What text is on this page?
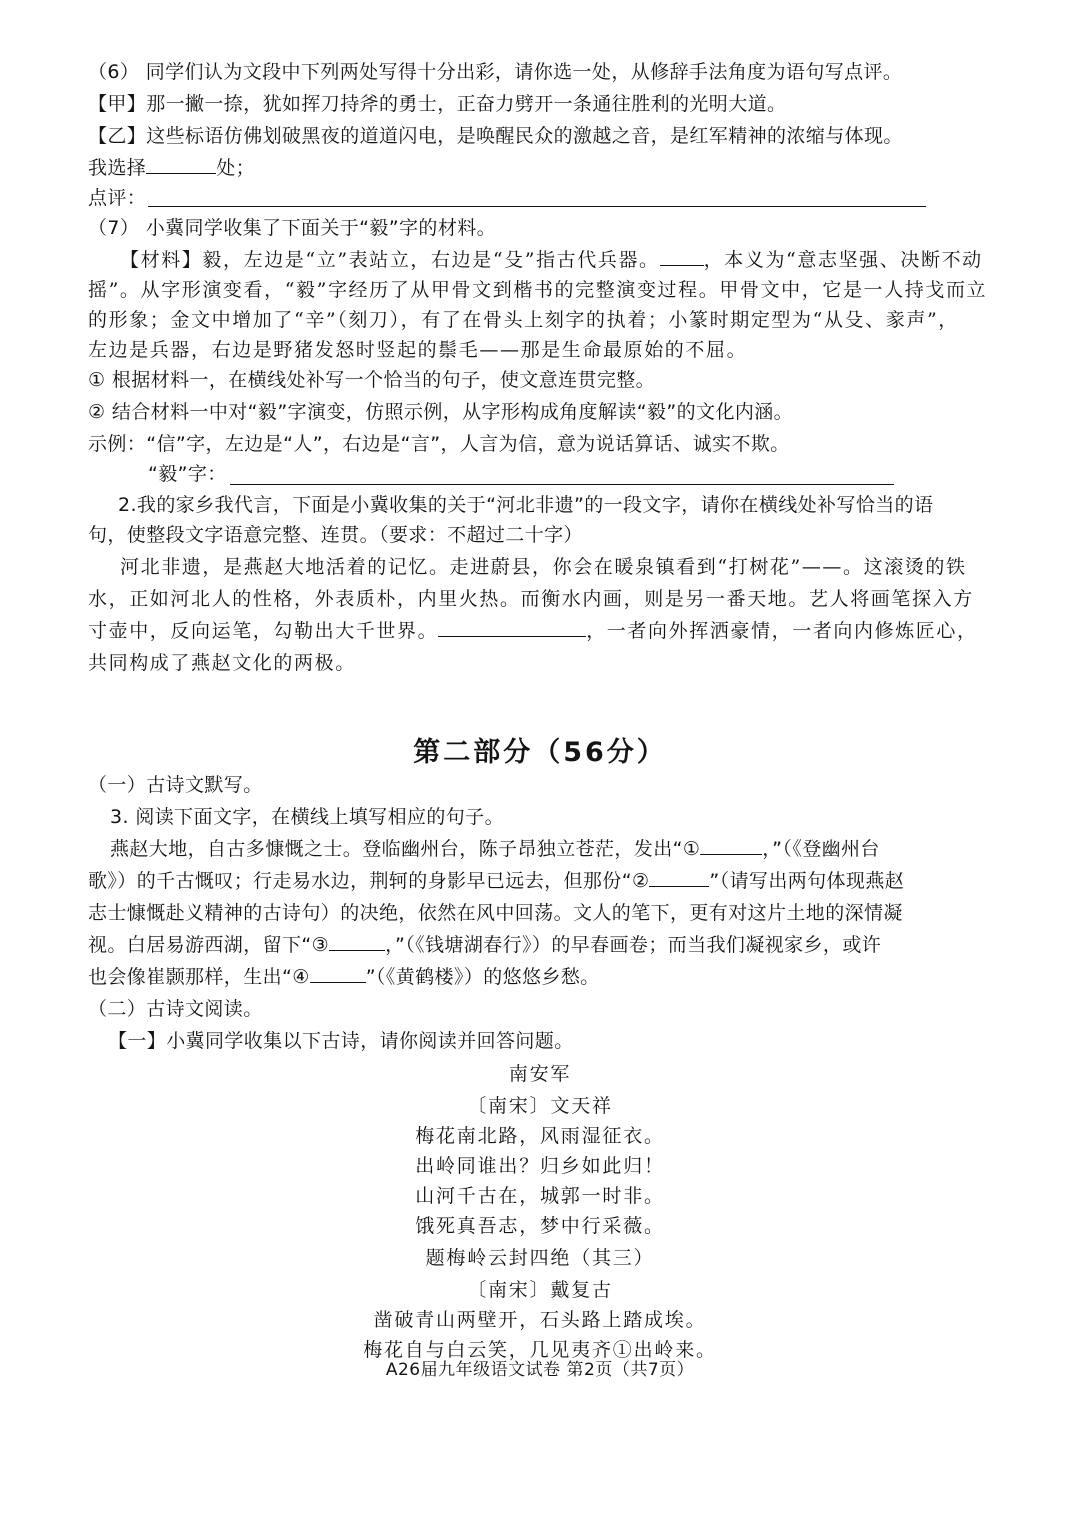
（6） 同学们认为文段中下列两处写得十分出彩，请你选一处，从修辞手法角度为语句写点评。
【甲】那一撇一捺，犹如挥刀持斧的勇士，正奋力劈开一条通往胜利的光明大道。
【乙】这些标语仿佛划破黑夜的道道闪电，是唤醒民众的激越之音，是红军精神的浓缩与体现。
我选择	处；
点评：
（7） 小冀同学收集了下面关于“毅”字的材料。
【材料】毅，左边是“立”表站立，右边是“殳”指古代兵器。 ，本义为“意志坚强、决断不动
摇”。从字形演变看，“毅”字经历了从甲骨文到楷书的完整演变过程。甲骨文中，它是一人持戈而立
的形象；金文中增加了“辛”（刻刀），有了在骨头上刻字的执着；小篆时期定型为“从殳、豙声”，
左边是兵器，右边是野猪发怒时竖起的鬃毛——那是生命最原始的不屈。
① 根据材料一，在横线处补写一个恰当的句子，使文意连贯完整。
② 结合材料一中对“毅”字演变，仿照示例，从字形构成角度解读“毅”的文化内涵。
示例：“信”字，左边是“人”，右边是“言”，人言为信，意为说话算话、诚实不欺。
“毅”字：
2.我的家乡我代言，下面是小冀收集的关于“河北非遗”的一段文字，请你在横线处补写恰当的语
句，使整段文字语意完整、连贯。（要求：不超过二十字）
河北非遗，是燕赵大地活着的记忆。走进蔚县，你会在暖泉镇看到“打树花”——。这滚烫的铁
水，正如河北人的性格，外表质朴，内里火热。而衡水内画，则是另一番天地。艺人将画笔探入方
寸壶中，反向运笔，勾勒出大千世界。	，一者向外挥洒豪情，一者向内修炼匠心，
共同构成了燕赵文化的两极。
第二部分（56分）
（一）古诗文默写。
3. 阅读下面文字，在横线上填写相应的句子。
燕赵大地，自古多慷慨之士。登临幽州台，陈子昂独立苍茫，发出“①	，”（《登幽州台
歌》）的千古慨叹；行走易水边，荆轲的身影早已远去，但那份“②	”（请写出两句体现燕赵
志士慷慨赴义精神的古诗句）的决绝，依然在风中回荡。文人的笔下，更有对这片土地的深情凝
视。白居易游西湖，留下“③	，”（《钱塘湖春行》）的早春画卷；而当我们凝视家乡，或许
也会像崔颢那样，生出“④	”（《黄鹤楼》）的悠悠乡愁。
（二）古诗文阅读。
【一】小冀同学收集以下古诗，请你阅读并回答问题。
南安军
〔南宋〕文天祥
梅花南北路，风雨湿征衣。
出岭同谁出？归乡如此归！
山河千古在，城郭一时非。
饿死真吾志，梦中行采薇。
题梅岭云封四绝（其三）
〔南宋〕戴复古
凿破青山两壁开，石头路上踏成埃。
梅花自与白云笑，几见夷齐①出岭来。
A26届九年级语文试卷 第2页（共7页）
